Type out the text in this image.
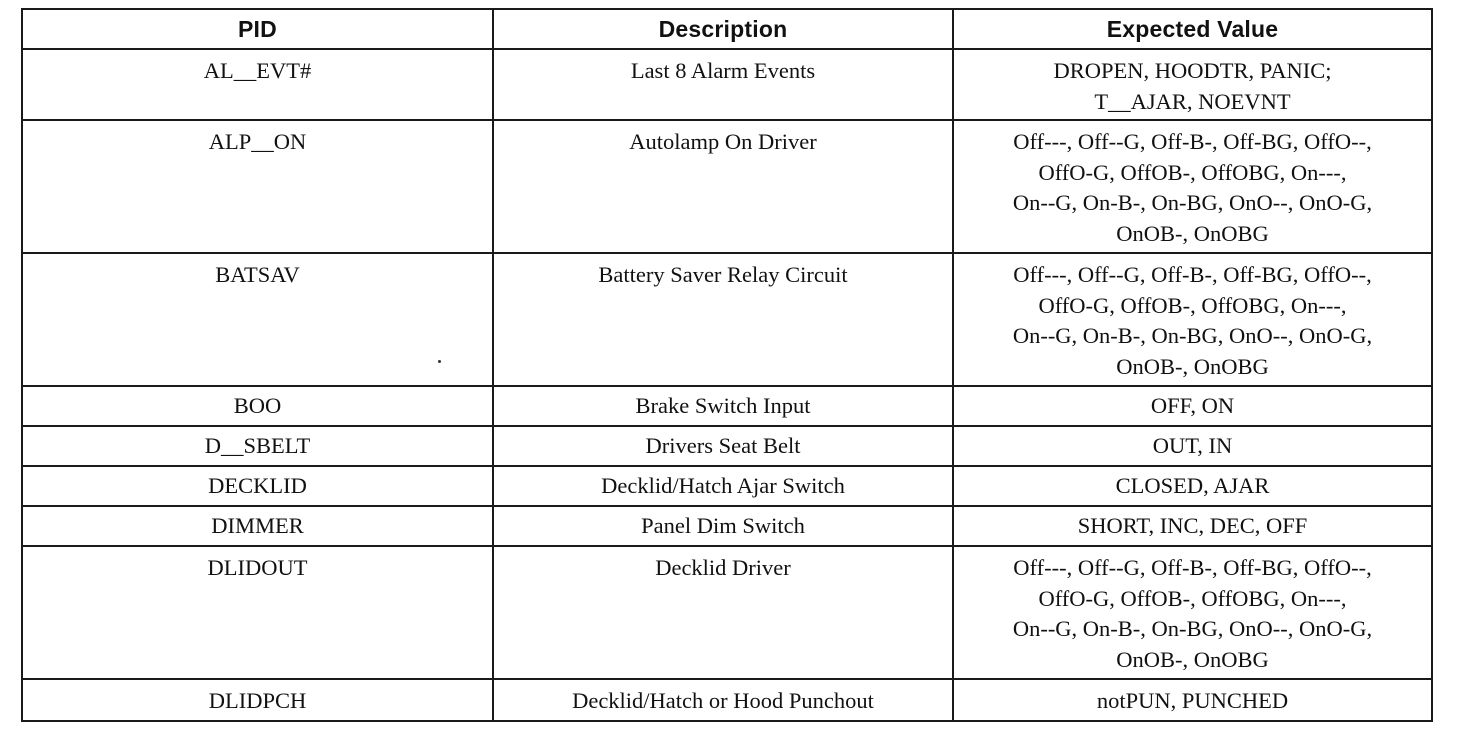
PID	Description	Expected Value
AL__EVT#	Last 8 Alarm Events	DROPEN, HOODTR, PANIC;
T__AJAR, NOEVNT
ALP__ON	Autolamp On Driver	Off---, Off--G, Off-B-, Off-BG, OffO--,
OffO-G, OffOB-, OffOBG, On---,
On--G, On-B-, On-BG, OnO--, OnO-G,
OnOB-, OnOBG
BATSAV	Battery Saver Relay Circuit	Off---, Off--G, Off-B-, Off-BG, OffO--,
OffO-G, OffOB-, OffOBG, On---,
On--G, On-B-, On-BG, OnO--, OnO-G,
OnOB-, OnOBG
BOO	Brake Switch Input	OFF, ON
D__SBELT	Drivers Seat Belt	OUT, IN
DECKLID	Decklid/Hatch Ajar Switch	CLOSED, AJAR
DIMMER	Panel Dim Switch	SHORT, INC, DEC, OFF
DLIDOUT	Decklid Driver	Off---, Off--G, Off-B-, Off-BG, OffO--,
OffO-G, OffOB-, OffOBG, On---,
On--G, On-B-, On-BG, OnO--, OnO-G,
OnOB-, OnOBG
DLIDPCH	Decklid/Hatch or Hood Punchout	notPUN, PUNCHED
